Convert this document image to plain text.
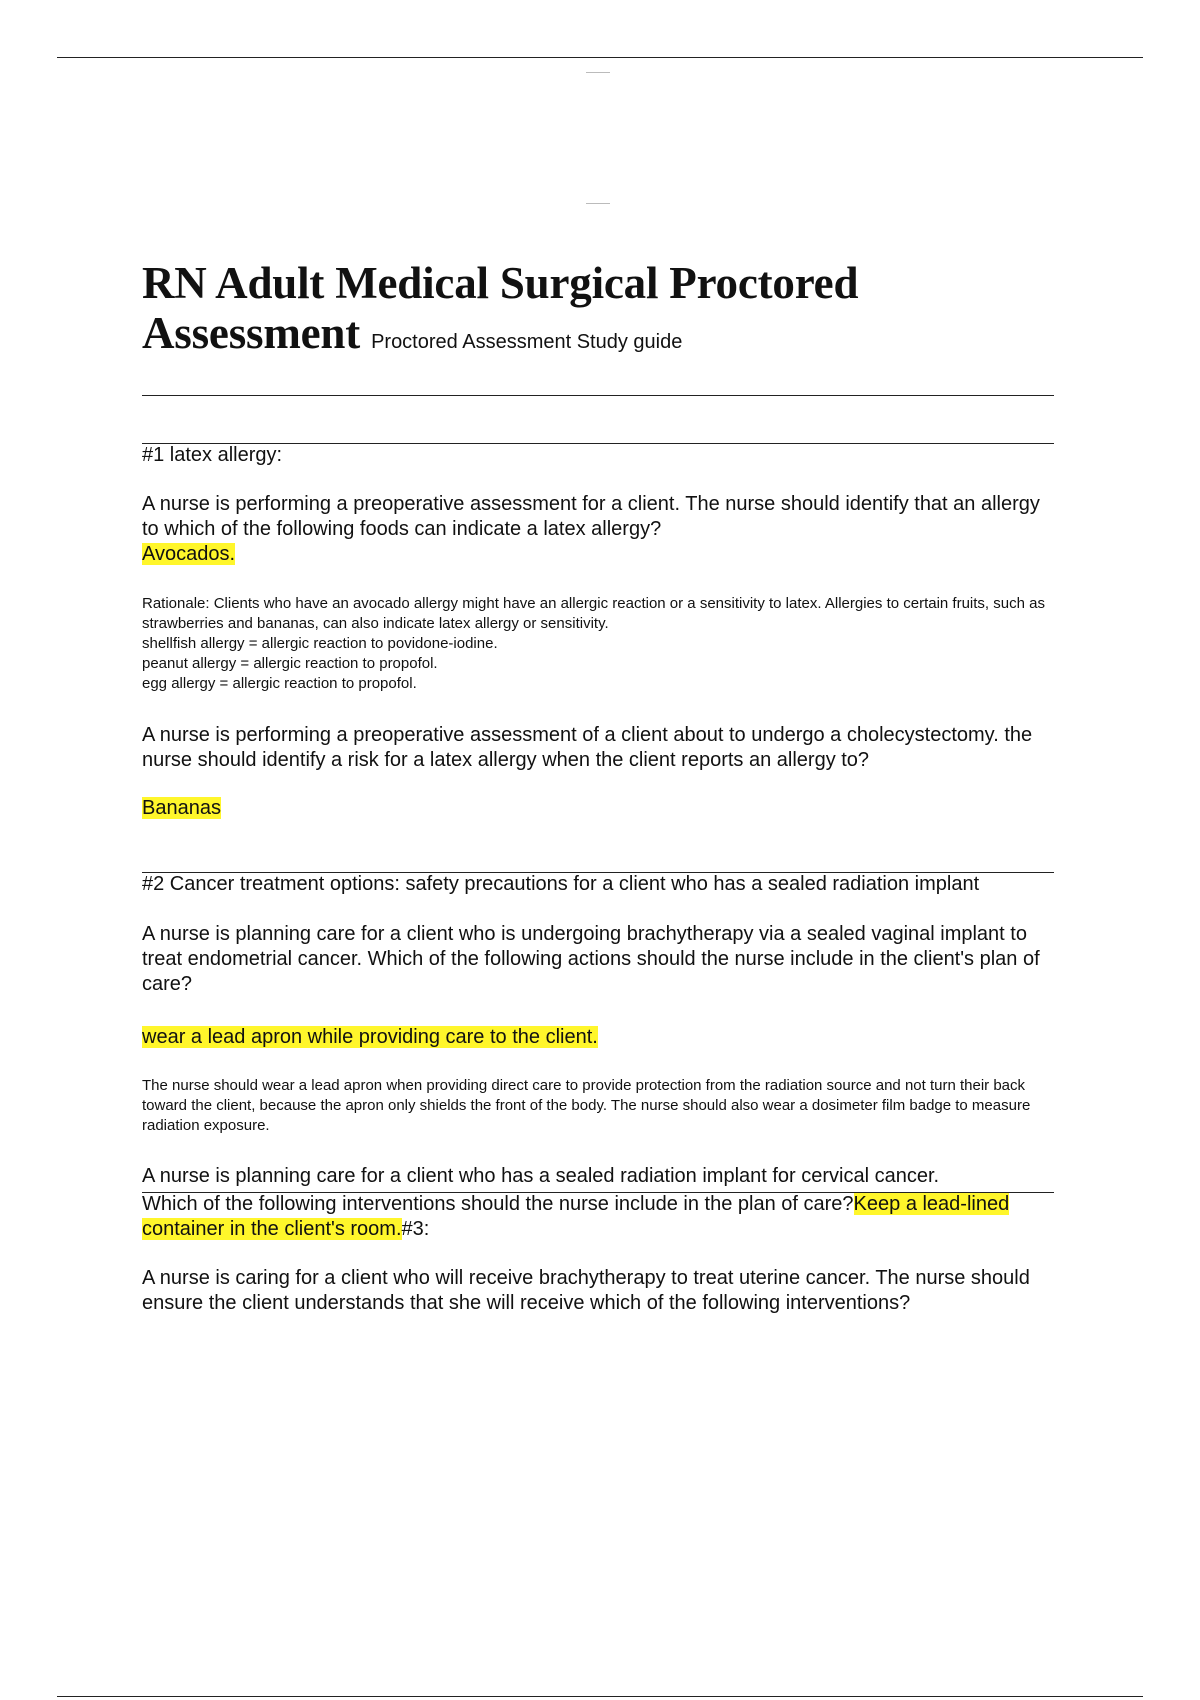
RN Adult Medical Surgical Proctored
Assessment Proctored Assessment Study guide
#1 latex allergy:
A nurse is performing a preoperative assessment for a client. The nurse should identify that an allergy to which of the following foods can indicate a latex allergy?
Avocados.

Rationale: Clients who have an avocado allergy might have an allergic reaction or a sensitivity to latex. Allergies to certain fruits, such as strawberries and bananas, can also indicate latex allergy or sensitivity.

shellfish allergy = allergic reaction to povidone-iodine.

peanut allergy = allergic reaction to propofol.

egg allergy = allergic reaction to propofol.

A nurse is performing a preoperative assessment of a client about to undergo a cholecystectomy. the nurse should identify a risk for a latex allergy when the client reports an allergy to?
Bananas
#2 Cancer treatment options: safety precautions for a client who has a sealed radiation implant
A nurse is planning care for a client who is undergoing brachytherapy via a sealed vaginal implant to treat endometrial cancer. Which of the following actions should the nurse include in the client's plan of care?
wear a lead apron while providing care to the client.
The nurse should wear a lead apron when providing direct care to provide protection from the radiation source and not turn their back toward the client, because the apron only shields the front of the body. The nurse should also wear a dosimeter film badge to measure radiation exposure.
A nurse is planning care for a client who has a sealed radiation implant for cervical cancer.
Which of the following interventions should the nurse include in the plan of care?Keep a lead-lined container in the client's room.#3:
A nurse is caring for a client who will receive brachytherapy to treat uterine cancer. The nurse should ensure the client understands that she will receive which of the following interventions?
